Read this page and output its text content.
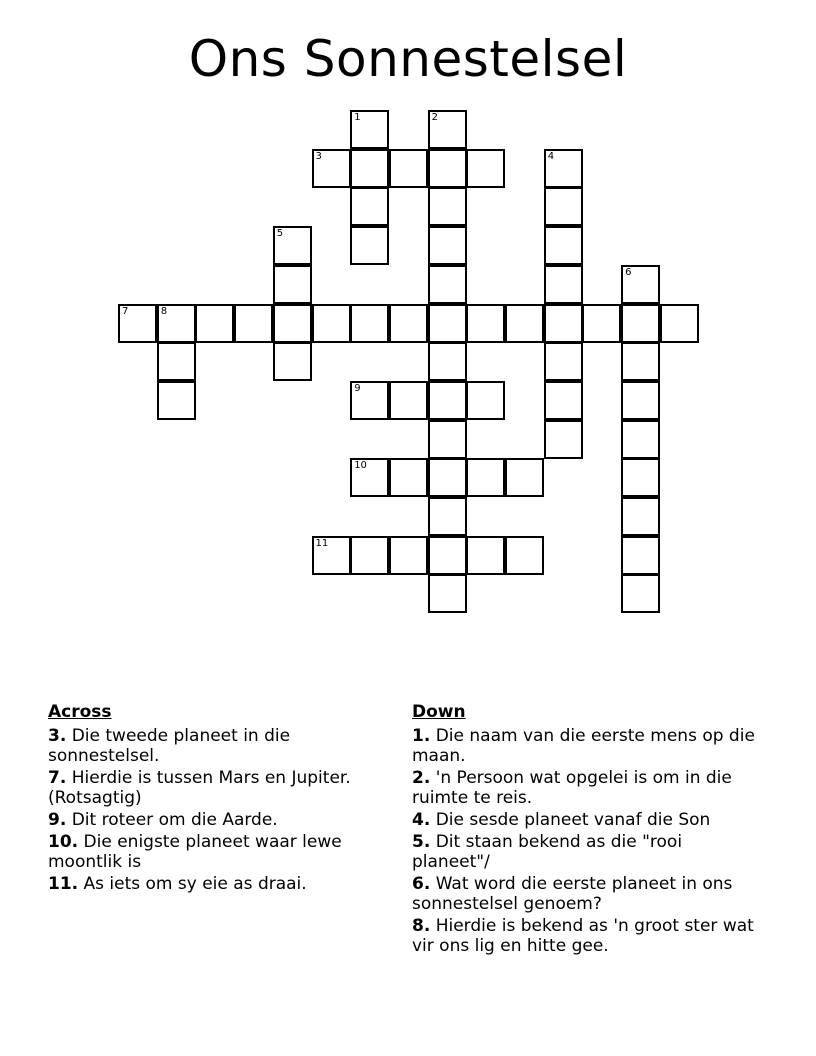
Ons Sonnestelsel
3
7	8
9
10
11
1	2
4
5
6
Across
3. Die tweede planeet in die sonnestelsel.
7. Hierdie is tussen Mars en Jupiter. (Rotsagtig)
9. Dit roteer om die Aarde.
10. Die enigste planeet waar lewe moontlik is
11. As iets om sy eie as draai.
Down
1. Die naam van die eerste mens op die maan.
2. 'n Persoon wat opgelei is om in die ruimte te reis.
4. Die sesde planeet vanaf die Son
5. Dit staan bekend as die "rooi planeet"/
6. Wat word die eerste planeet in ons sonnestelsel genoem?
8. Hierdie is bekend as 'n groot ster wat vir ons lig en hitte gee.
